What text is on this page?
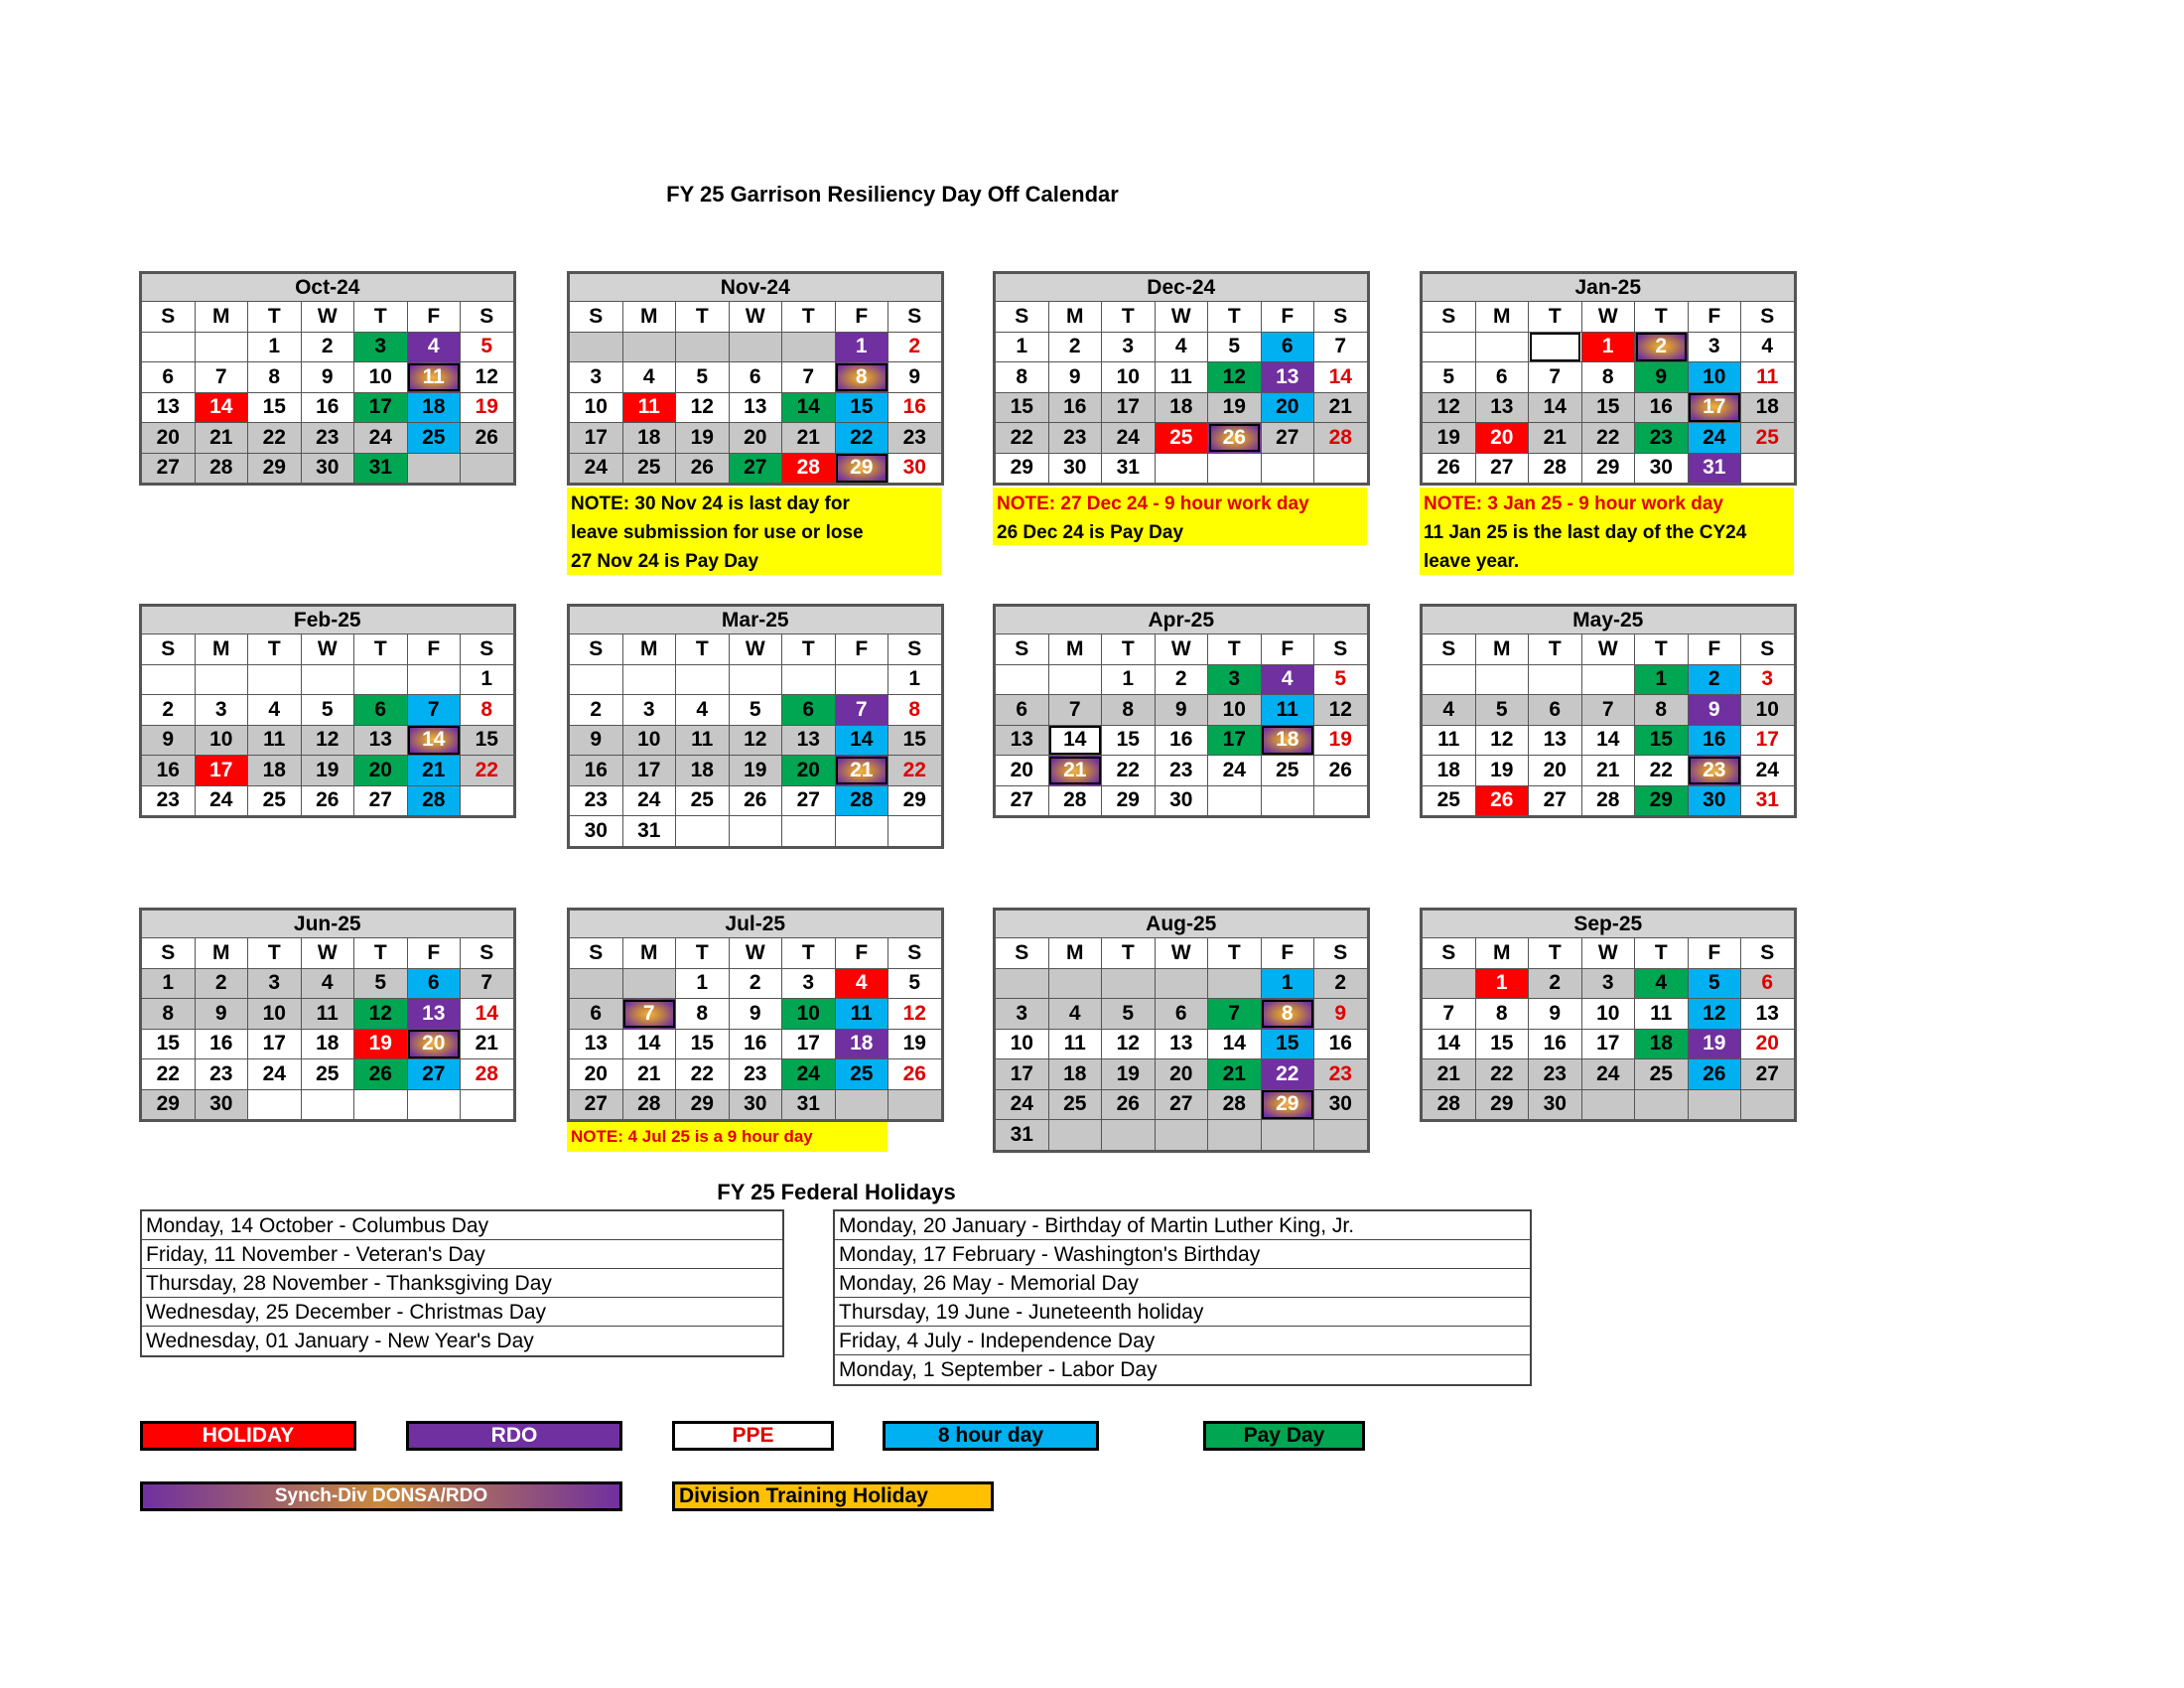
FY 25 Garrison Resiliency Day Off Calendar
Oct-24						
S	M	T	W	T	F	S
		1	2	3	4	5
6	7	8	9	10	11	12
13	14	15	16	17	18	19
20	21	22	23	24	25	26
27	28	29	30	31		
Nov-24						
S	M	T	W	T	F	S
					1	2
3	4	5	6	7	8	9
10	11	12	13	14	15	16
17	18	19	20	21	22	23
24	25	26	27	28	29	30
Dec-24						
S	M	T	W	T	F	S
1	2	3	4	5	6	7
8	9	10	11	12	13	14
15	16	17	18	19	20	21
22	23	24	25	26	27	28
29	30	31				
Jan-25						
S	M	T	W	T	F	S
			1	2	3	4
5	6	7	8	9	10	11
12	13	14	15	16	17	18
19	20	21	22	23	24	25
26	27	28	29	30	31	
Feb-25						
S	M	T	W	T	F	S
						1
2	3	4	5	6	7	8
9	10	11	12	13	14	15
16	17	18	19	20	21	22
23	24	25	26	27	28	
Mar-25						
S	M	T	W	T	F	S
						1
2	3	4	5	6	7	8
9	10	11	12	13	14	15
16	17	18	19	20	21	22
23	24	25	26	27	28	29
30	31					
Apr-25						
S	M	T	W	T	F	S
		1	2	3	4	5
6	7	8	9	10	11	12
13	14	15	16	17	18	19
20	21	22	23	24	25	26
27	28	29	30			
May-25						
S	M	T	W	T	F	S
				1	2	3
4	5	6	7	8	9	10
11	12	13	14	15	16	17
18	19	20	21	22	23	24
25	26	27	28	29	30	31
Jun-25						
S	M	T	W	T	F	S
1	2	3	4	5	6	7
8	9	10	11	12	13	14
15	16	17	18	19	20	21
22	23	24	25	26	27	28
29	30					
Jul-25						
S	M	T	W	T	F	S
		1	2	3	4	5
6	7	8	9	10	11	12
13	14	15	16	17	18	19
20	21	22	23	24	25	26
27	28	29	30	31		
Aug-25						
S	M	T	W	T	F	S
					1	2
3	4	5	6	7	8	9
10	11	12	13	14	15	16
17	18	19	20	21	22	23
24	25	26	27	28	29	30
31						
Sep-25						
S	M	T	W	T	F	S
	1	2	3	4	5	6
7	8	9	10	11	12	13
14	15	16	17	18	19	20
21	22	23	24	25	26	27
28	29	30				
NOTE: 30 Nov 24 is last day for
leave submission for use or lose
27 Nov 24 is Pay Day
NOTE: 27 Dec 24 - 9 hour work day
26 Dec 24 is Pay Day
NOTE: 3 Jan 25 - 9 hour work day
11 Jan 25 is the last day of the CY24
leave year.
NOTE: 4 Jul 25 is a 9 hour day
FY 25 Federal Holidays
Monday, 14 October - Columbus Day
Friday, 11 November - Veteran's Day
Thursday, 28 November - Thanksgiving Day
Wednesday, 25 December - Christmas Day
Wednesday, 01 January - New Year's Day
Monday, 20 January - Birthday of Martin Luther King, Jr.
Monday, 17 February - Washington's Birthday
Monday, 26 May - Memorial Day
Thursday, 19 June - Juneteenth holiday
Friday, 4 July - Independence Day
Monday, 1 September - Labor Day
HOLIDAY	RDO	PPE	8 hour day	Pay Day
Synch-Div DONSA/RDO	Division Training Holiday
